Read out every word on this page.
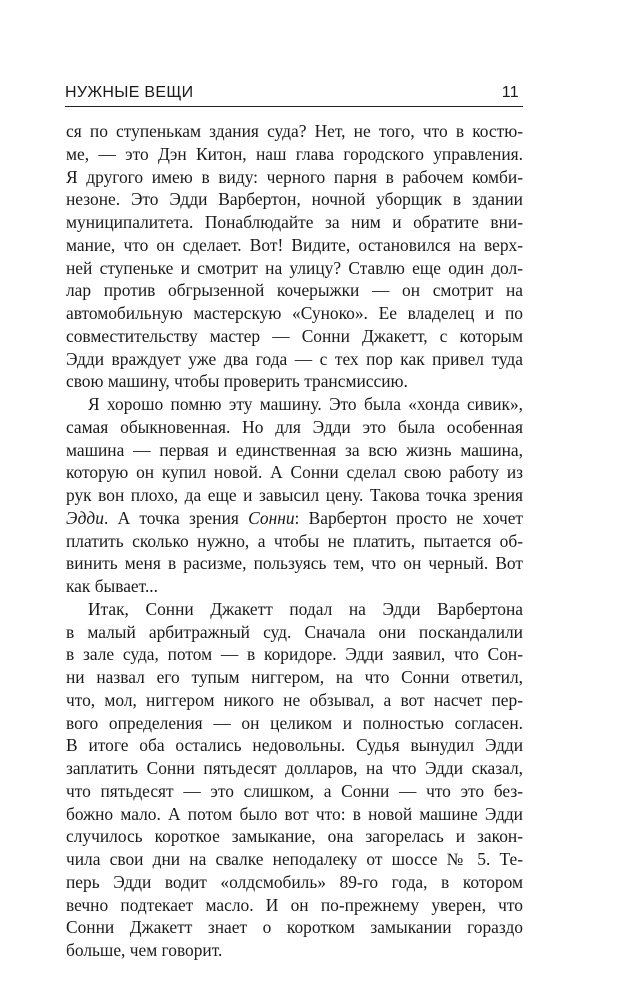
НУЖНЫЕ ВЕЩИ	11
ся по ступенькам здания суда? Нет, не того, что в костю-
ме, — это Дэн Китон, наш глава городского управления.
Я другого имею в виду: черного парня в рабочем комби-
незоне. Это Эдди Варбертон, ночной уборщик в здании
муниципалитета. Понаблюдайте за ним и обратите вни-
мание, что он сделает. Вот! Видите, остановился на верх-
ней ступеньке и смотрит на улицу? Ставлю еще один дол-
лар против обгрызенной кочерыжки — он смотрит на
автомобильную мастерскую «Суноко». Ее владелец и по
совместительству мастер — Сонни Джакетт, с которым
Эдди враждует уже два года — с тех пор как привел туда
свою машину, чтобы проверить трансмиссию.
Я хорошо помню эту машину. Это была «хонда сивик»,
самая обыкновенная. Но для Эдди это была особенная
машина — первая и единственная за всю жизнь машина,
которую он купил новой. А Сонни сделал свою работу из
рук вон плохо, да еще и завысил цену. Такова точка зрения
Эдди. А точка зрения Сонни: Варбертон просто не хочет
платить сколько нужно, а чтобы не платить, пытается об-
винить меня в расизме, пользуясь тем, что он черный. Вот
как бывает...
Итак, Сонни Джакетт подал на Эдди Варбертона
в малый арбитражный суд. Сначала они поскандалили
в зале суда, потом — в коридоре. Эдди заявил, что Сон-
ни назвал его тупым ниггером, на что Сонни ответил,
что, мол, ниггером никого не обзывал, а вот насчет пер-
вого определения — он целиком и полностью согласен.
В итоге оба остались недовольны. Судья вынудил Эдди
заплатить Сонни пятьдесят долларов, на что Эдди сказал,
что пятьдесят — это слишком, а Сонни — что это без-
божно мало. А потом было вот что: в новой машине Эдди
случилось короткое замыкание, она загорелась и закон-
чила свои дни на свалке неподалеку от шоссе № 5. Те-
перь Эдди водит «олдсмобиль» 89-го года, в котором
вечно подтекает масло. И он по-прежнему уверен, что
Сонни Джакетт знает о коротком замыкании гораздо
больше, чем говорит.
